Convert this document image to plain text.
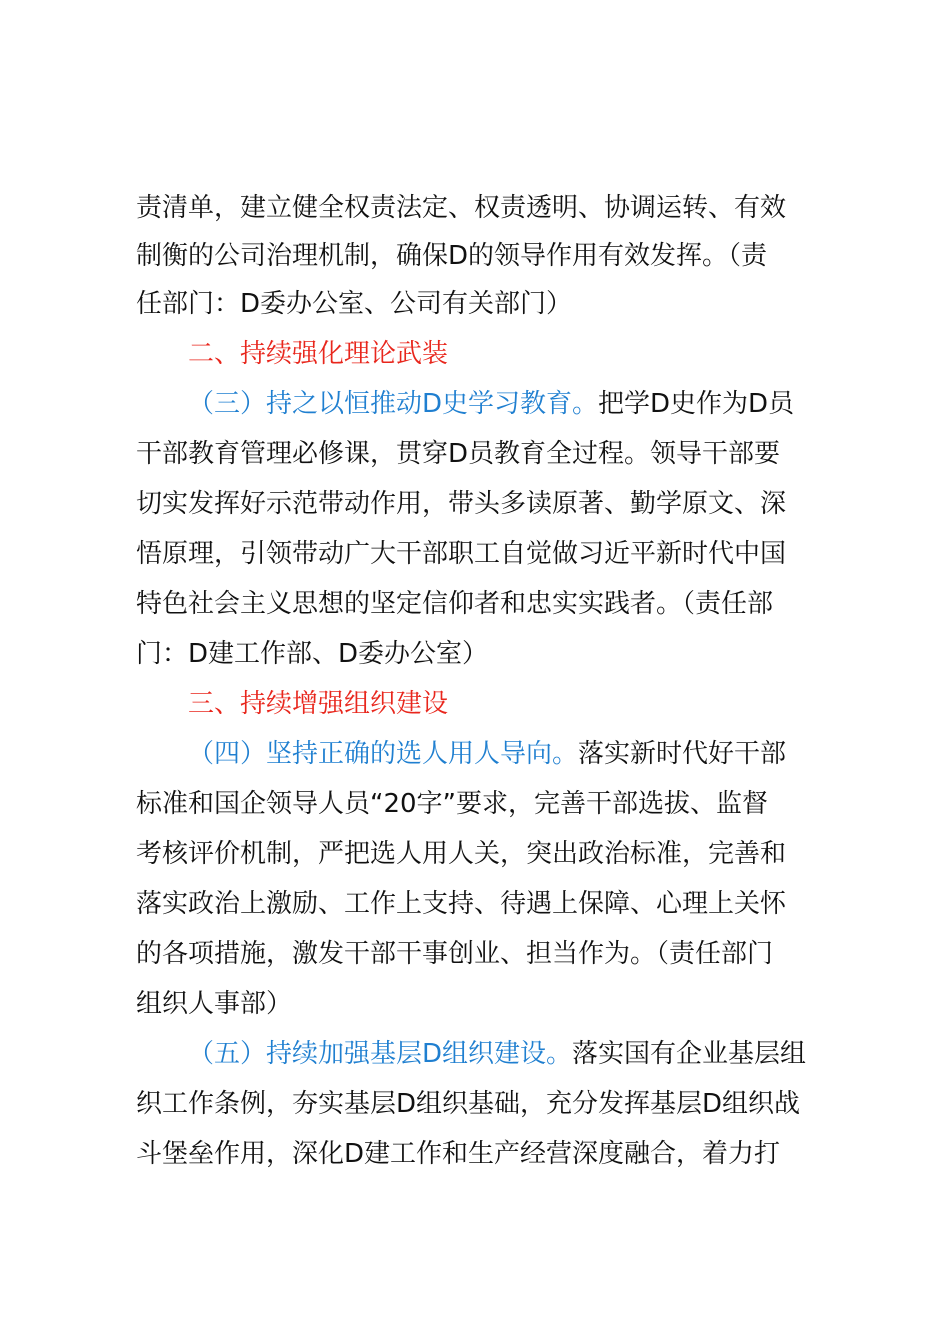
责清单，建立健全权责法定、权责透明、协调运转、有效
制衡的公司治理机制，确保D的领导作用有效发挥。（责
任部门：D委办公室、公司有关部门）
二、持续强化理论武装
（三）持之以恒推动D史学习教育。把学D史作为D员
干部教育管理必修课，贯穿D员教育全过程。领导干部要
切实发挥好示范带动作用，带头多读原著、勤学原文、深
悟原理，引领带动广大干部职工自觉做习近平新时代中国
特色社会主义思想的坚定信仰者和忠实实践者。（责任部
门：D建工作部、D委办公室）
三、持续增强组织建设
（四）坚持正确的选人用人导向。落实新时代好干部
标准和国企领导人员“20字”要求，完善干部选拔、监督
考核评价机制，严把选人用人关，突出政治标准，完善和
落实政治上激励、工作上支持、待遇上保障、心理上关怀
的各项措施，激发干部干事创业、担当作为。（责任部门
组织人事部）
（五）持续加强基层D组织建设。落实国有企业基层组
织工作条例，夯实基层D组织基础，充分发挥基层D组织战
斗堡垒作用，深化D建工作和生产经营深度融合，着力打
